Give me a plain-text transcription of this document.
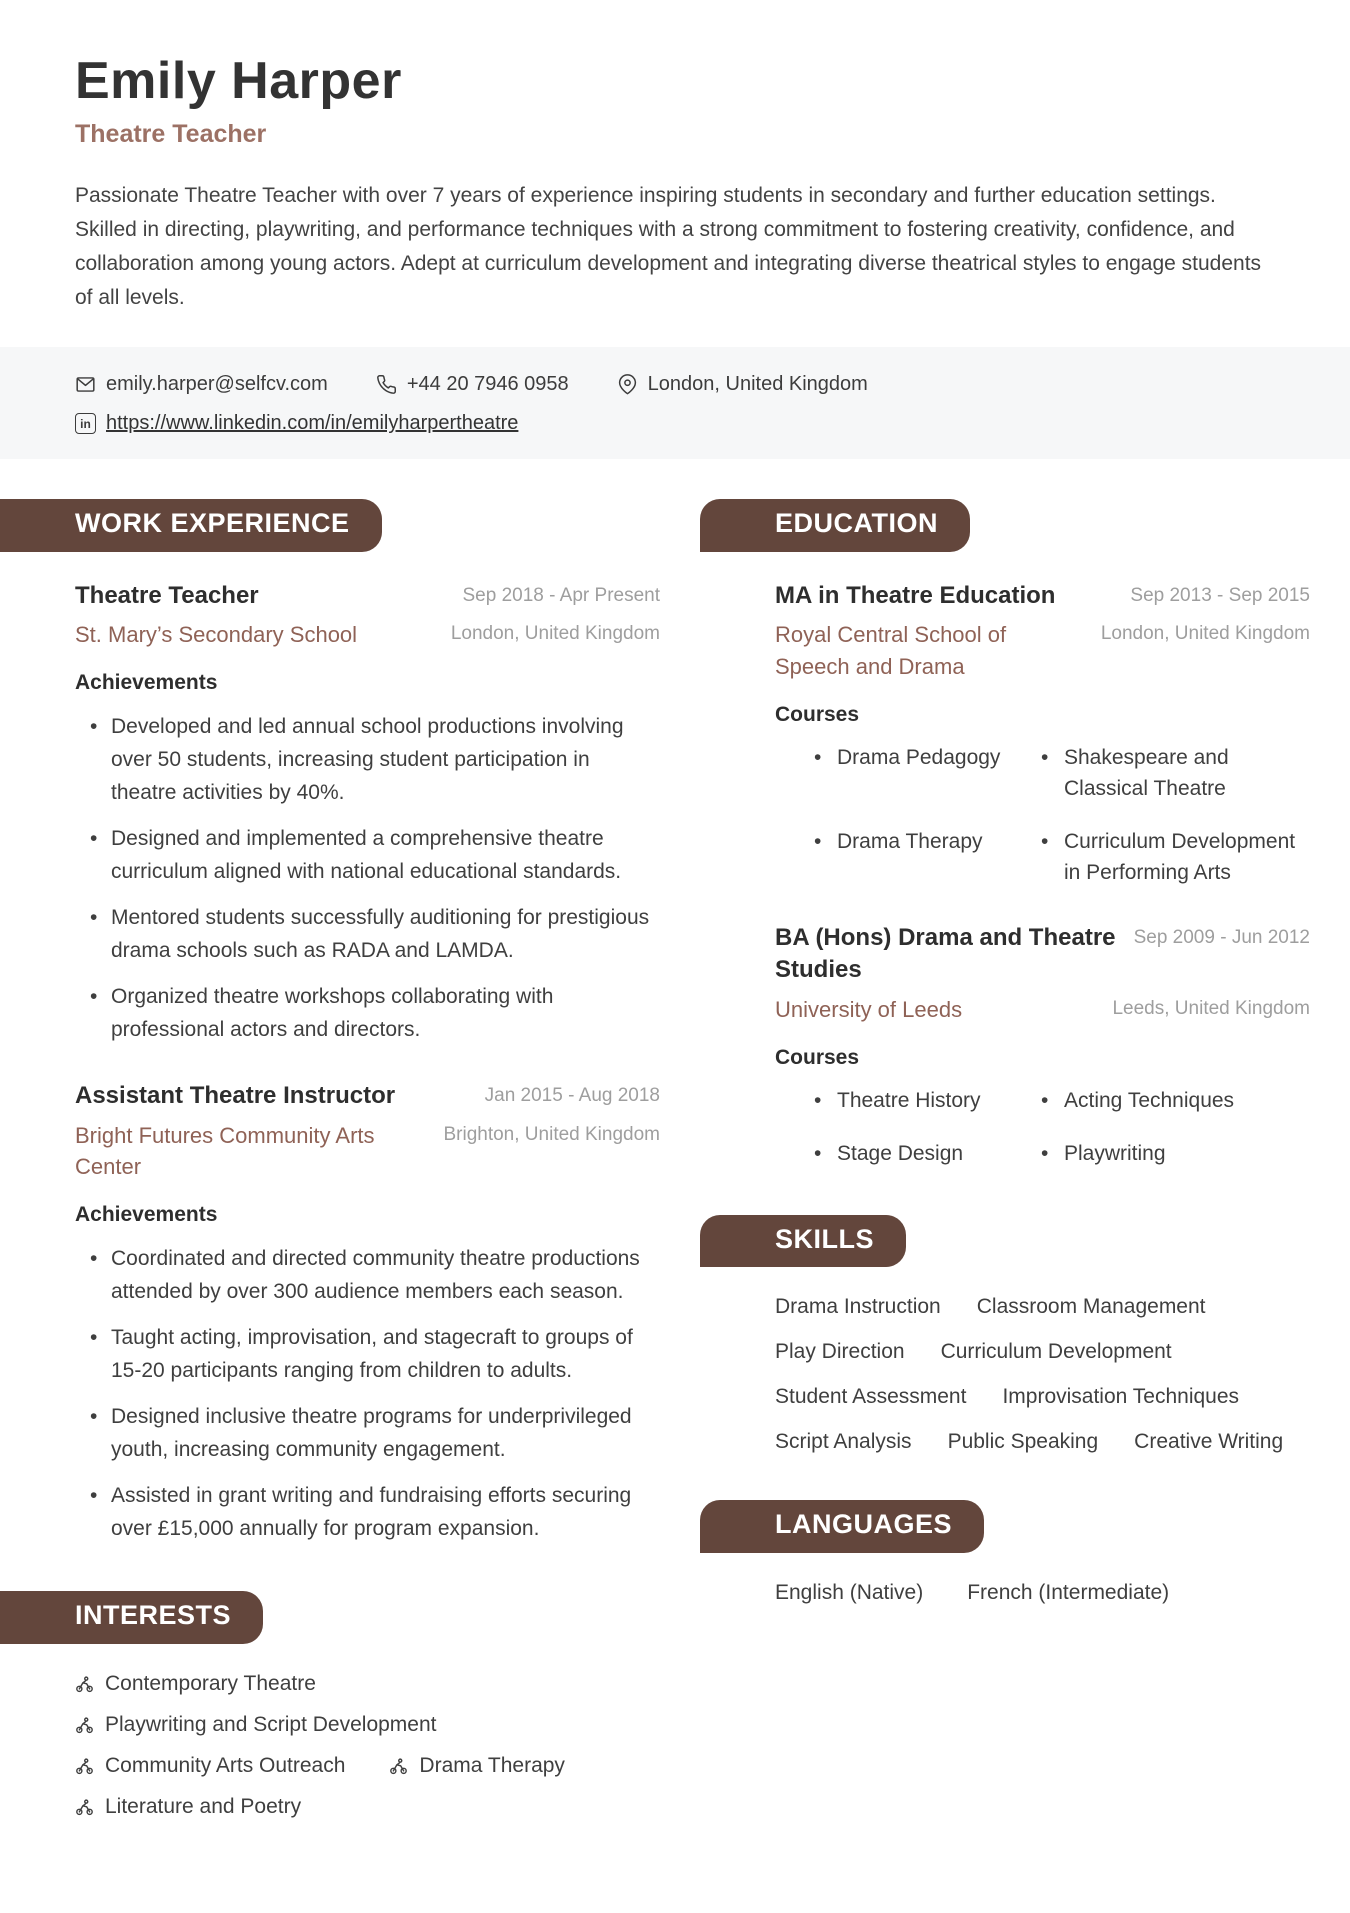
Emily Harper
Theatre Teacher
Passionate Theatre Teacher with over 7 years of experience inspiring students in secondary and further education settings. Skilled in directing, playwriting, and performance techniques with a strong commitment to fostering creativity, confidence, and collaboration among young actors. Adept at curriculum development and integrating diverse theatrical styles to engage students of all levels.
emily.harper@selfcv.com	+44 20 7946 0958	London, United Kingdom
in https://www.linkedin.com/in/emilyharpertheatre
WORK EXPERIENCE
Theatre Teacher	Sep 2018 - Apr Present
St. Mary’s Secondary School	London, United Kingdom
Achievements
• Developed and led annual school productions involving over 50 students, increasing student participation in theatre activities by 40%.
• Designed and implemented a comprehensive theatre curriculum aligned with national educational standards.
• Mentored students successfully auditioning for prestigious drama schools such as RADA and LAMDA.
• Organized theatre workshops collaborating with professional actors and directors.
Assistant Theatre Instructor	Jan 2015 - Aug 2018
Bright Futures Community Arts Center
Brighton, United Kingdom
Achievements
• Coordinated and directed community theatre productions attended by over 300 audience members each season.
• Taught acting, improvisation, and stagecraft to groups of 15-20 participants ranging from children to adults.
• Designed inclusive theatre programs for underprivileged youth, increasing community engagement.
• Assisted in grant writing and fundraising efforts securing over £15,000 annually for program expansion.
INTERESTS
Contemporary Theatre
Playwriting and Script Development
Community Arts Outreach	Drama Therapy
Literature and Poetry
EDUCATION
MA in Theatre Education	Sep 2013 - Sep 2015
Royal Central School of Speech and Drama
London, United Kingdom
Courses
• Drama Pedagogy	• Shakespeare and Classical Theatre
• Drama Therapy	• Curriculum Development in Performing Arts
BA (Hons) Drama and Theatre Studies
Sep 2009 - Jun 2012
University of Leeds	Leeds, United Kingdom
Courses
• Theatre History	• Acting Techniques
• Stage Design	• Playwriting
SKILLS
Drama Instruction Classroom Management
Play Direction Curriculum Development
Student Assessment Improvisation Techniques
Script Analysis Public Speaking Creative Writing
LANGUAGES
English (Native) French (Intermediate)
